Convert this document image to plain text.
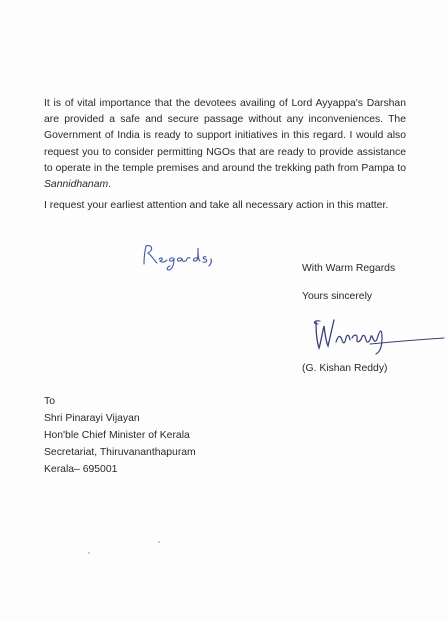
It is of vital importance that the devotees availing of Lord Ayyappa's Darshan are provided a safe and secure passage without any inconveniences. The Government of India is ready to support initiatives in this regard. I would also request you to consider permitting NGOs that are ready to provide assistance to operate in the temple premises and around the trekking path from Pampa to Sannidhanam.

I request your earliest attention and take all necessary action in this matter.

With Warm Regards
Yours sincerely
(G. Kishan Reddy)
To
Shri Pinarayi Vijayan
Hon'ble Chief Minister of Kerala
Secretariat, Thiruvananthapuram
Kerala– 695001
